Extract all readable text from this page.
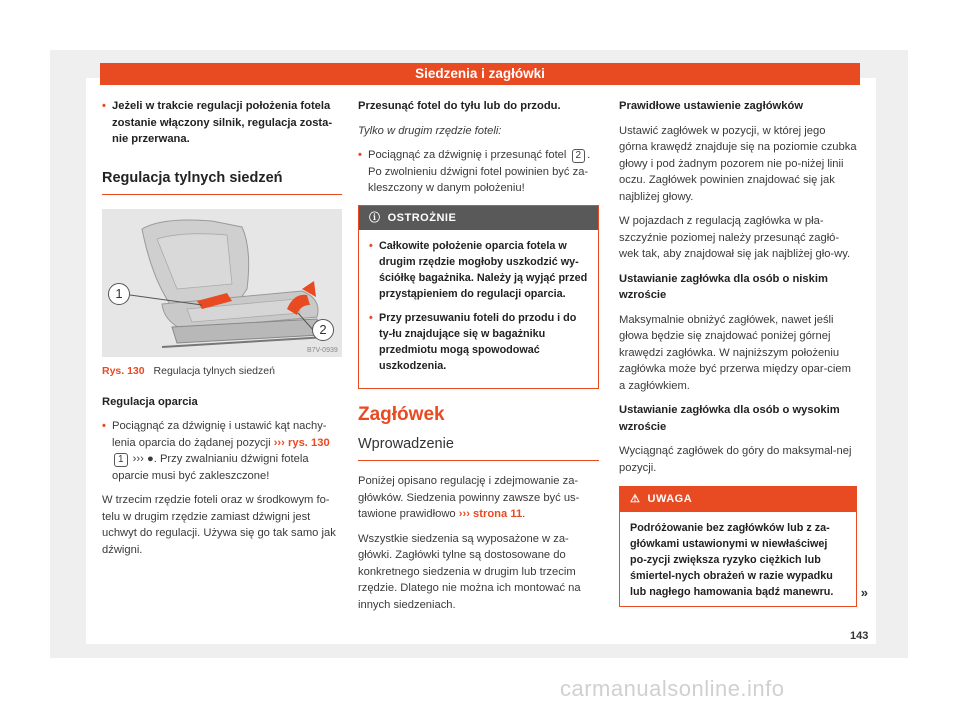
Siedzenia i zagłówki

• Jeżeli w trakcie regulacji położenia fotela zostanie włączony silnik, regulacja zosta-nie przerwana.

Regulacja tylnych siedzeń
B7V-0939
1
2
Rys. 130 Regulacja tylnych siedzeń

Regulacja oparcia

• Pociągnąć za dźwignię i ustawić kąt nachy-lenia oparcia do żądanej pozycji ››› rys. 130 1 ››› ●. Przy zwalnianiu dźwigni fotela oparcie musi być zakleszczone!

W trzecim rzędzie foteli oraz w środkowym fo-telu w drugim rzędzie zamiast dźwigni jest uchwyt do regulacji. Używa się go tak samo jak dźwigni.

Przesunąć fotel do tyłu lub do przodu.

Tylko w drugim rzędzie foteli:

• Pociągnąć za dźwignię i przesunąć fotel 2 . Po zwolnieniu dźwigni fotel powinien być za-kleszczony w danym położeniu!

ⓘ OSTROŻNIE

• Całkowite położenie oparcia fotela w drugim rzędzie mogłoby uszkodzić wy-ściółkę bagażnika. Należy ją wyjąć przed przystąpieniem do regulacji oparcia.

• Przy przesuwaniu foteli do przodu i do ty-łu znajdujące się w bagażniku przedmiotu mogą spowodować uszkodzenia.

Zagłówek
Wprowadzenie

Poniżej opisano regulację i zdejmowanie za-główków. Siedzenia powinny zawsze być us-tawione prawidłowo ››› strona 11.

Wszystkie siedzenia są wyposażone w za-główki. Zagłówki tylne są dostosowane do konkretnego siedzenia w drugim lub trzecim rzędzie. Dlatego nie można ich montować na innych siedzeniach.

Prawidłowe ustawienie zagłówków

Ustawić zagłówek w pozycji, w której jego górna krawędź znajduje się na poziomie czubka głowy i pod żadnym pozorem nie po-niżej linii oczu. Zagłówek powinien znajdować się jak najbliżej głowy.

W pojazdach z regulacją zagłówka w pła-szczyźnie poziomej należy przesunąć zagłó-wek tak, aby znajdował się jak najbliżej gło-wy.

Ustawianie zagłówka dla osób o niskim wzroście

Maksymalnie obniżyć zagłówek, nawet jeśli głowa będzie się znajdować poniżej górnej krawędzi zagłówka. W najniższym położeniu zagłówka może być przerwa między opar-ciem a zagłówkiem.

Ustawianie zagłówka dla osób o wysokim wzroście

Wyciągnąć zagłówek do góry do maksymal-nej pozycji.

⚠ UWAGA
Podróżowanie bez zagłówków lub z za-główkami ustawionymi w niewłaściwej po-zycji zwiększa ryzyko ciężkich lub śmiertel-nych obrażeń w razie wypadku lub nagłego hamowania bądź manewru.	»
143
carmanualsonline.info
